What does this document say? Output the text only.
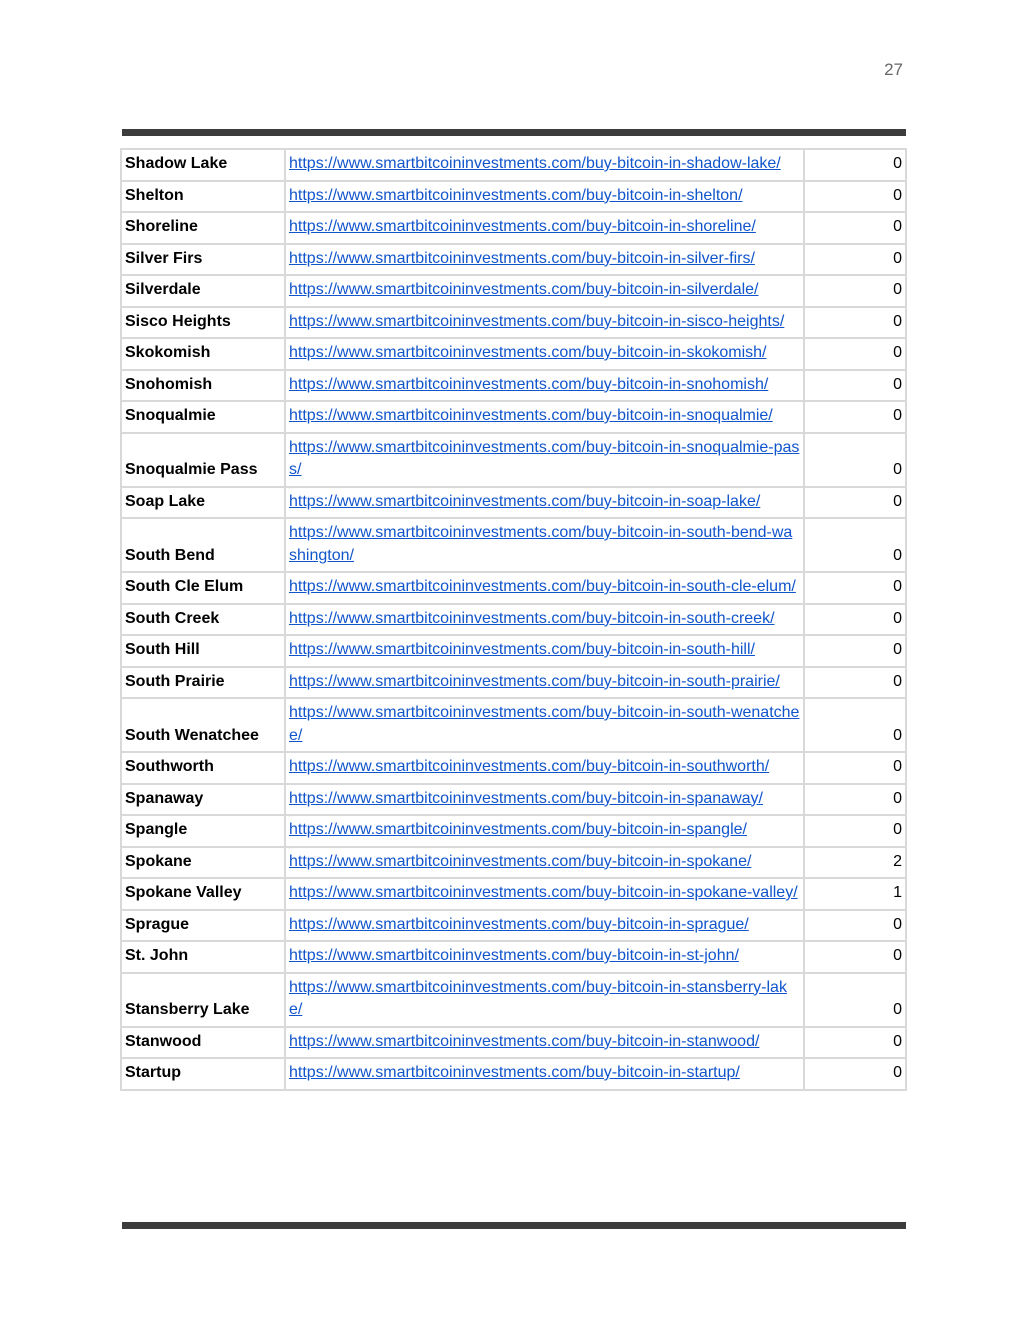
27
Shadow Lake	https://www.smartbitcoininvestments.com/buy-bitcoin-in-shadow-lake/	0
Shelton	https://www.smartbitcoininvestments.com/buy-bitcoin-in-shelton/	0
Shoreline	https://www.smartbitcoininvestments.com/buy-bitcoin-in-shoreline/	0
Silver Firs	https://www.smartbitcoininvestments.com/buy-bitcoin-in-silver-firs/	0
Silverdale	https://www.smartbitcoininvestments.com/buy-bitcoin-in-silverdale/	0
Sisco Heights	https://www.smartbitcoininvestments.com/buy-bitcoin-in-sisco-heights/	0
Skokomish	https://www.smartbitcoininvestments.com/buy-bitcoin-in-skokomish/	0
Snohomish	https://www.smartbitcoininvestments.com/buy-bitcoin-in-snohomish/	0
Snoqualmie	https://www.smartbitcoininvestments.com/buy-bitcoin-in-snoqualmie/	0
Snoqualmie Pass	https://www.smartbitcoininvestments.com/buy-bitcoin-in-snoqualmie-pass/	0
Soap Lake	https://www.smartbitcoininvestments.com/buy-bitcoin-in-soap-lake/	0
South Bend	https://www.smartbitcoininvestments.com/buy-bitcoin-in-south-bend-washington/	0
South Cle Elum	https://www.smartbitcoininvestments.com/buy-bitcoin-in-south-cle-elum/	0
South Creek	https://www.smartbitcoininvestments.com/buy-bitcoin-in-south-creek/	0
South Hill	https://www.smartbitcoininvestments.com/buy-bitcoin-in-south-hill/	0
South Prairie	https://www.smartbitcoininvestments.com/buy-bitcoin-in-south-prairie/	0
South Wenatchee	https://www.smartbitcoininvestments.com/buy-bitcoin-in-south-wenatchee/	0
Southworth	https://www.smartbitcoininvestments.com/buy-bitcoin-in-southworth/	0
Spanaway	https://www.smartbitcoininvestments.com/buy-bitcoin-in-spanaway/	0
Spangle	https://www.smartbitcoininvestments.com/buy-bitcoin-in-spangle/	0
Spokane	https://www.smartbitcoininvestments.com/buy-bitcoin-in-spokane/	2
Spokane Valley	https://www.smartbitcoininvestments.com/buy-bitcoin-in-spokane-valley/	1
Sprague	https://www.smartbitcoininvestments.com/buy-bitcoin-in-sprague/	0
St. John	https://www.smartbitcoininvestments.com/buy-bitcoin-in-st-john/	0
Stansberry Lake	https://www.smartbitcoininvestments.com/buy-bitcoin-in-stansberry-lake/	0
Stanwood	https://www.smartbitcoininvestments.com/buy-bitcoin-in-stanwood/	0
Startup	https://www.smartbitcoininvestments.com/buy-bitcoin-in-startup/	0
